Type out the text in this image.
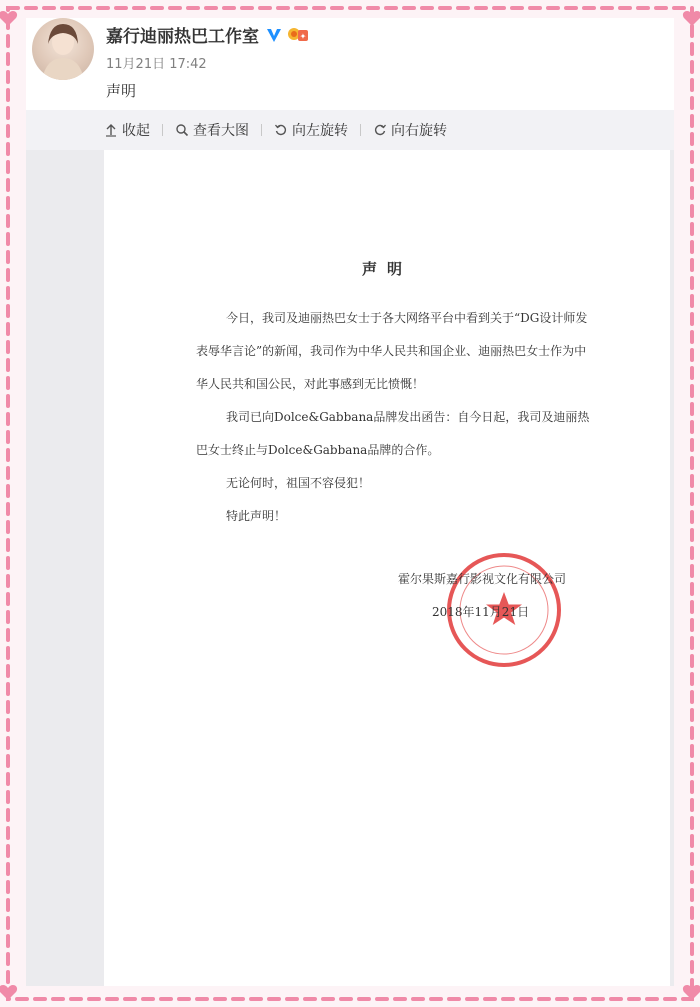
嘉行迪丽热巴工作室	✦
11月21日 17:42
声明
收起	查看大图	向左旋转	向右旋转
声明

今日，我司及迪丽热巴女士于各大网络平台中看到关于“DG设计师发表辱华言论”的新闻，我司作为中华人民共和国企业、迪丽热巴女士作为中华人民共和国公民，对此事感到无比愤慨！

我司已向Dolce&Gabbana品牌发出函告：自今日起，我司及迪丽热巴女士终止与Dolce&Gabbana品牌的合作。

无论何时，祖国不容侵犯！

特此声明！

霍尔果斯嘉行影视文化有限公司
2018年11月21日
